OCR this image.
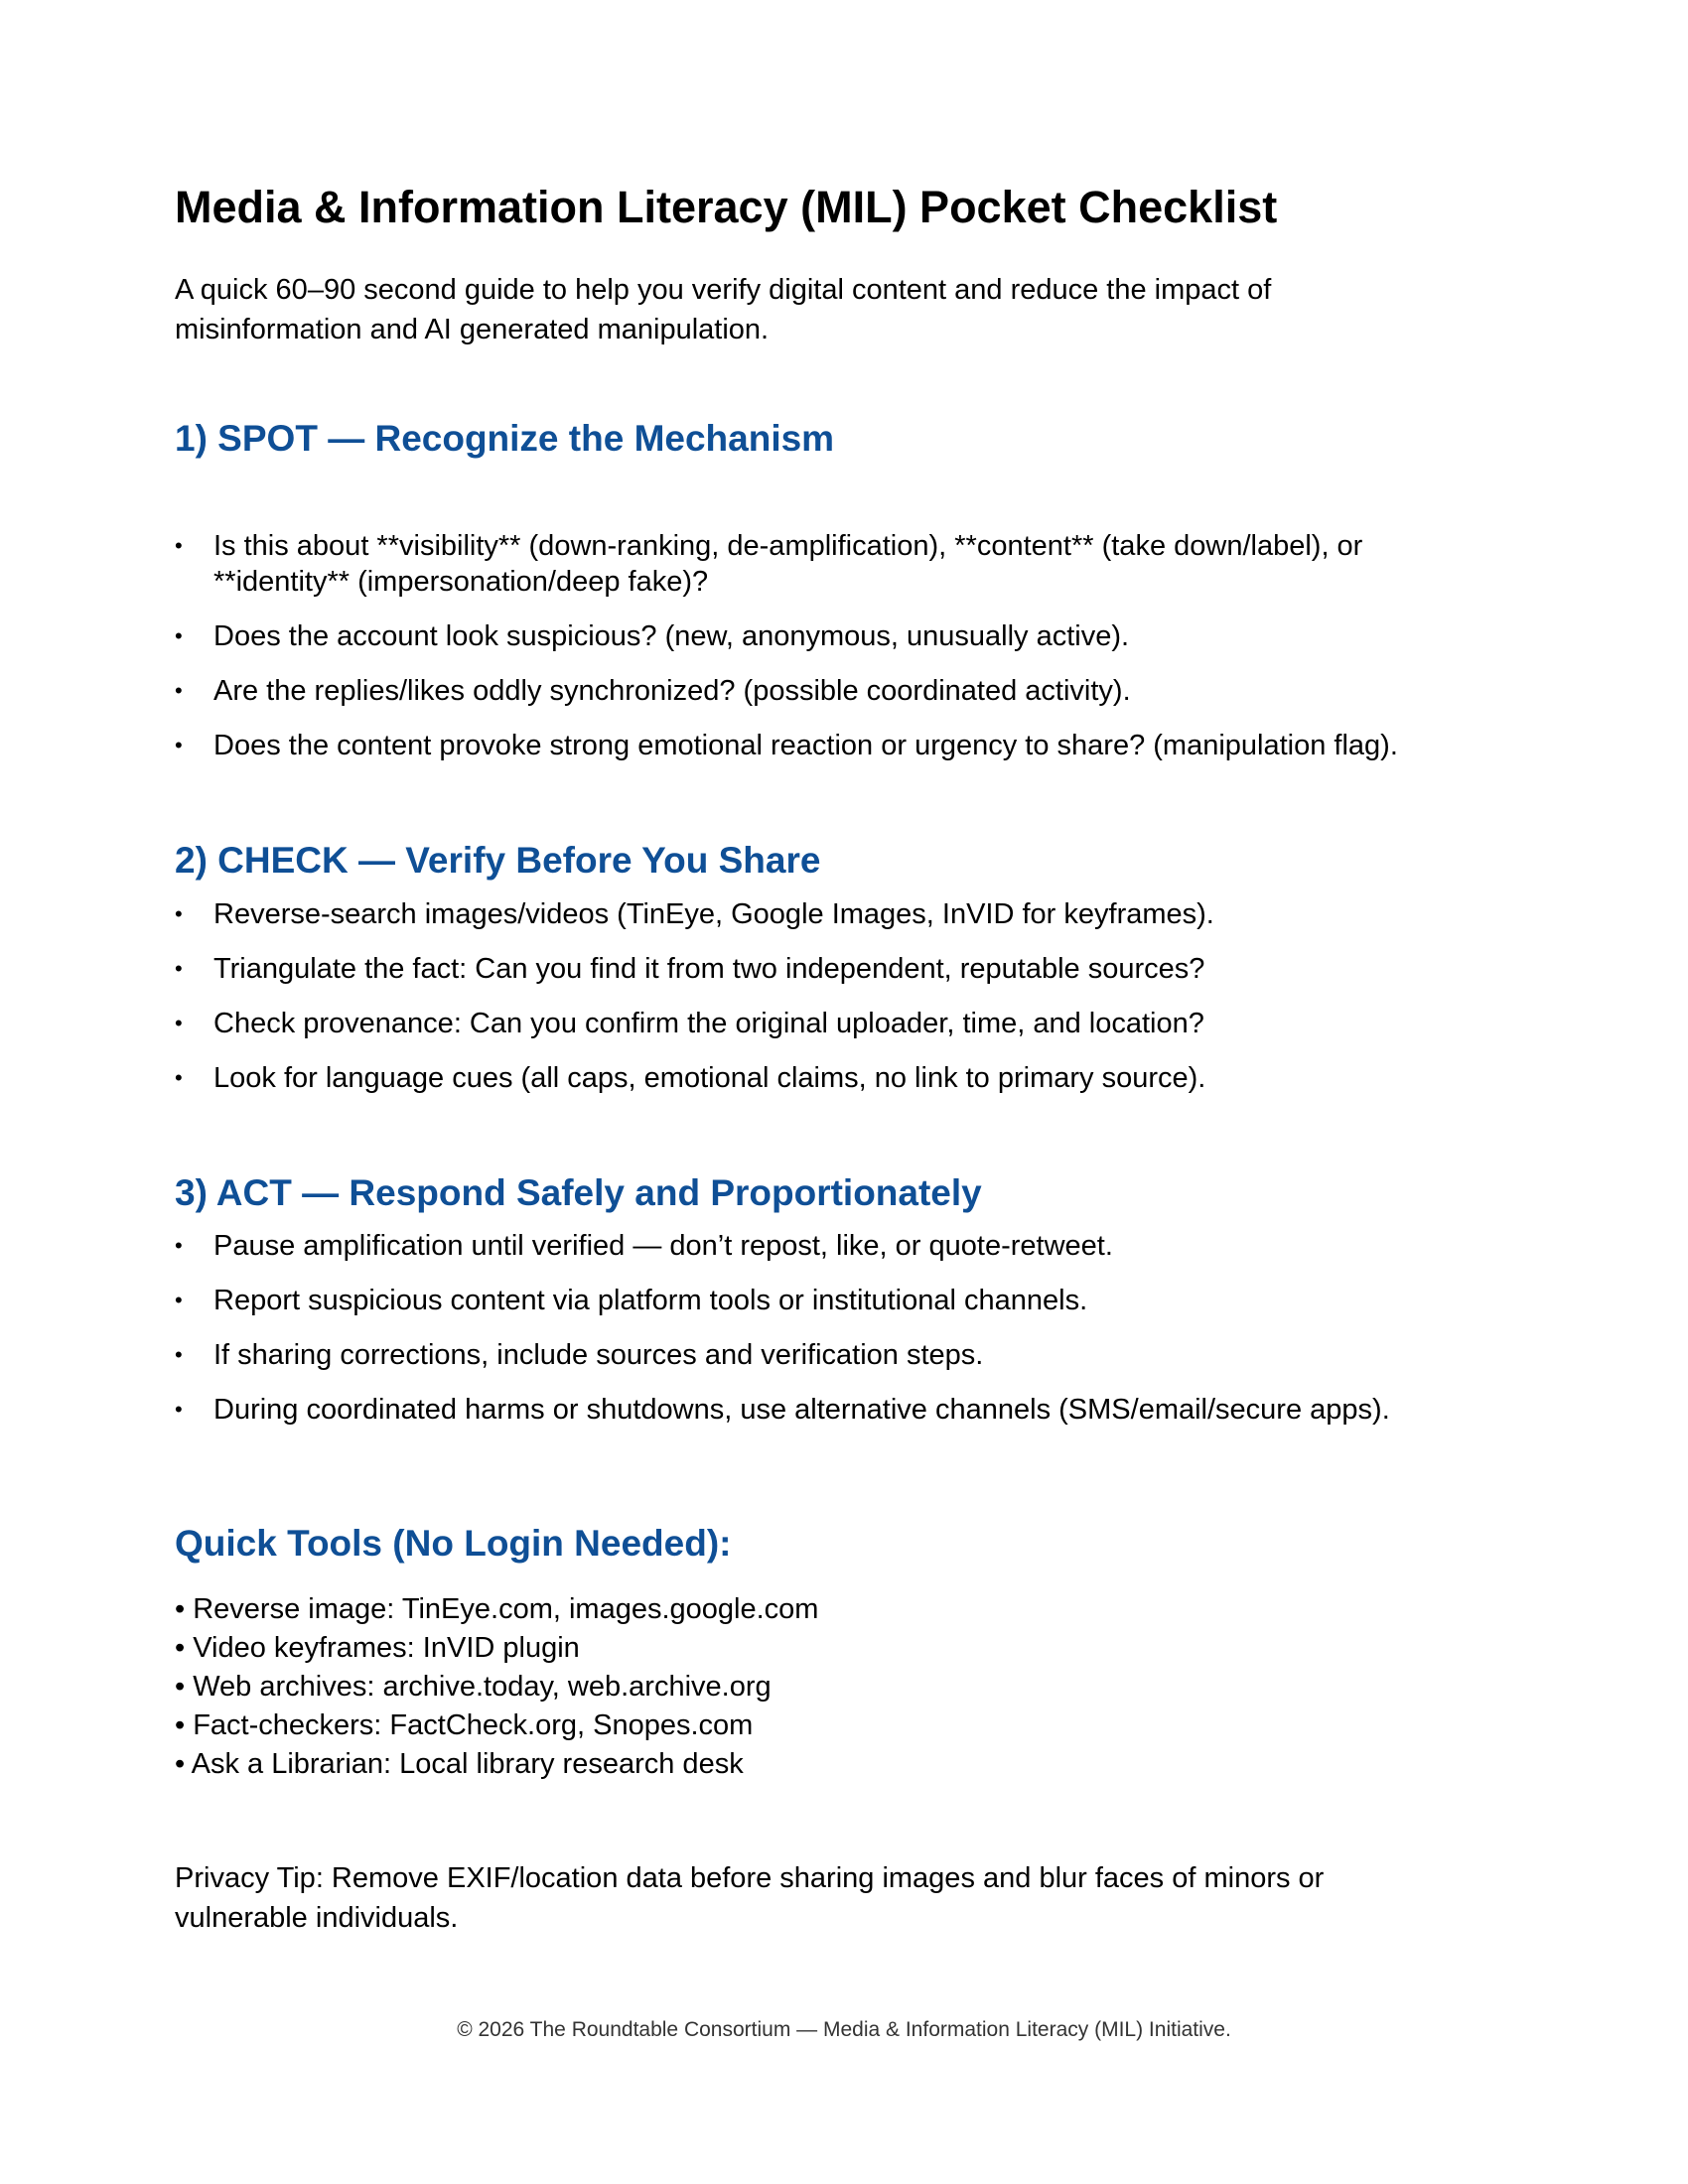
Media & Information Literacy (MIL) Pocket Checklist

A quick 60–90 second guide to help you verify digital content and reduce the impact of misinformation and AI generated manipulation.

1) SPOT — Recognize the Mechanism
• Is this about **visibility** (down-ranking, de-amplification), **content** (take down/label), or **identity** (impersonation/deep fake)?
• Does the account look suspicious? (new, anonymous, unusually active).
• Are the replies/likes oddly synchronized? (possible coordinated activity).
• Does the content provoke strong emotional reaction or urgency to share? (manipulation flag).
2) CHECK — Verify Before You Share
• Reverse-search images/videos (TinEye, Google Images, InVID for keyframes).
• Triangulate the fact: Can you find it from two independent, reputable sources?
• Check provenance: Can you confirm the original uploader, time, and location?
• Look for language cues (all caps, emotional claims, no link to primary source).
3) ACT — Respond Safely and Proportionately
• Pause amplification until verified — don’t repost, like, or quote-retweet.
• Report suspicious content via platform tools or institutional channels.
• If sharing corrections, include sources and verification steps.
• During coordinated harms or shutdowns, use alternative channels (SMS/email/secure apps).
Quick Tools (No Login Needed):
• Reverse image: TinEye.com, images.google.com
• Video keyframes: InVID plugin
• Web archives: archive.today, web.archive.org
• Fact-checkers: FactCheck.org, Snopes.com
• Ask a Librarian: Local library research desk

Privacy Tip: Remove EXIF/location data before sharing images and blur faces of minors or vulnerable individuals.

© 2026 The Roundtable Consortium — Media & Information Literacy (MIL) Initiative.
